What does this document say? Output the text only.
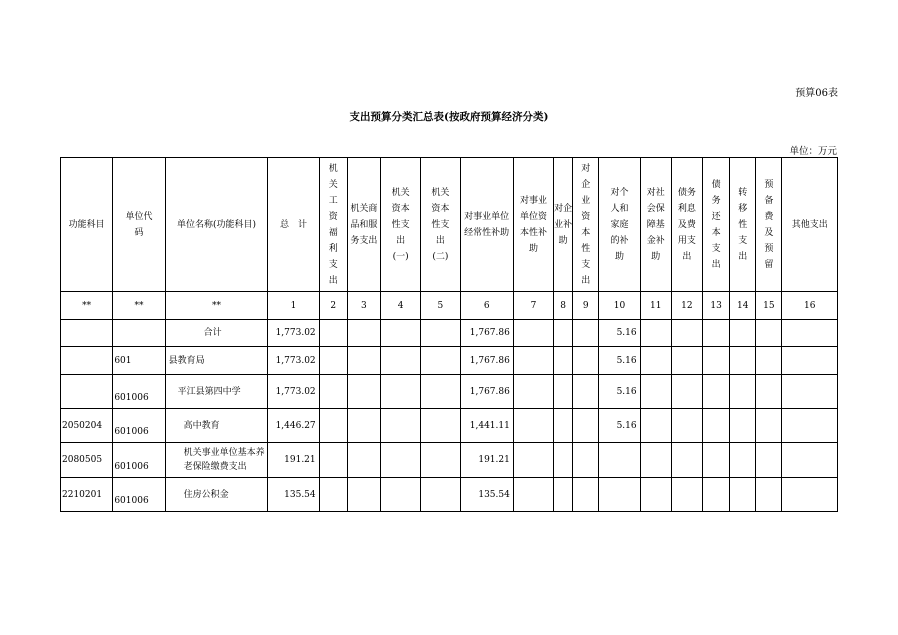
预算06表
支出预算分类汇总表(按政府预算经济分类)
单位：万元
功能科目	单位代码	单位名称(功能科目)	总　计	机关工资福利支出	机关商品和服务支出	机关资本性支出(一)	机关资本性支出(二)	对事业单位经常性补助	对事业单位资本性补助	对企业补助	对企业资本性支出	对个人和家庭的补助	对社会保障基金补助	债务利息及费用支出	债务还本支出	转移性支出	预备费及预留	其他支出
**	**	**	1	2	3	4	5	6	7	8	9	10	11	12	13	14	15	16
		合计	1,773.02					1,767.86				5.16						
	601	县教育局	1,773.02					1,767.86				5.16						
	601006	平江县第四中学	1,773.02					1,767.86				5.16						
2050204	601006	高中教育	1,446.27					1,441.11				5.16						
2080505	601006	机关事业单位基本养老保险缴费支出	191.21					191.21										
2210201	601006	住房公积金	135.54					135.54										
